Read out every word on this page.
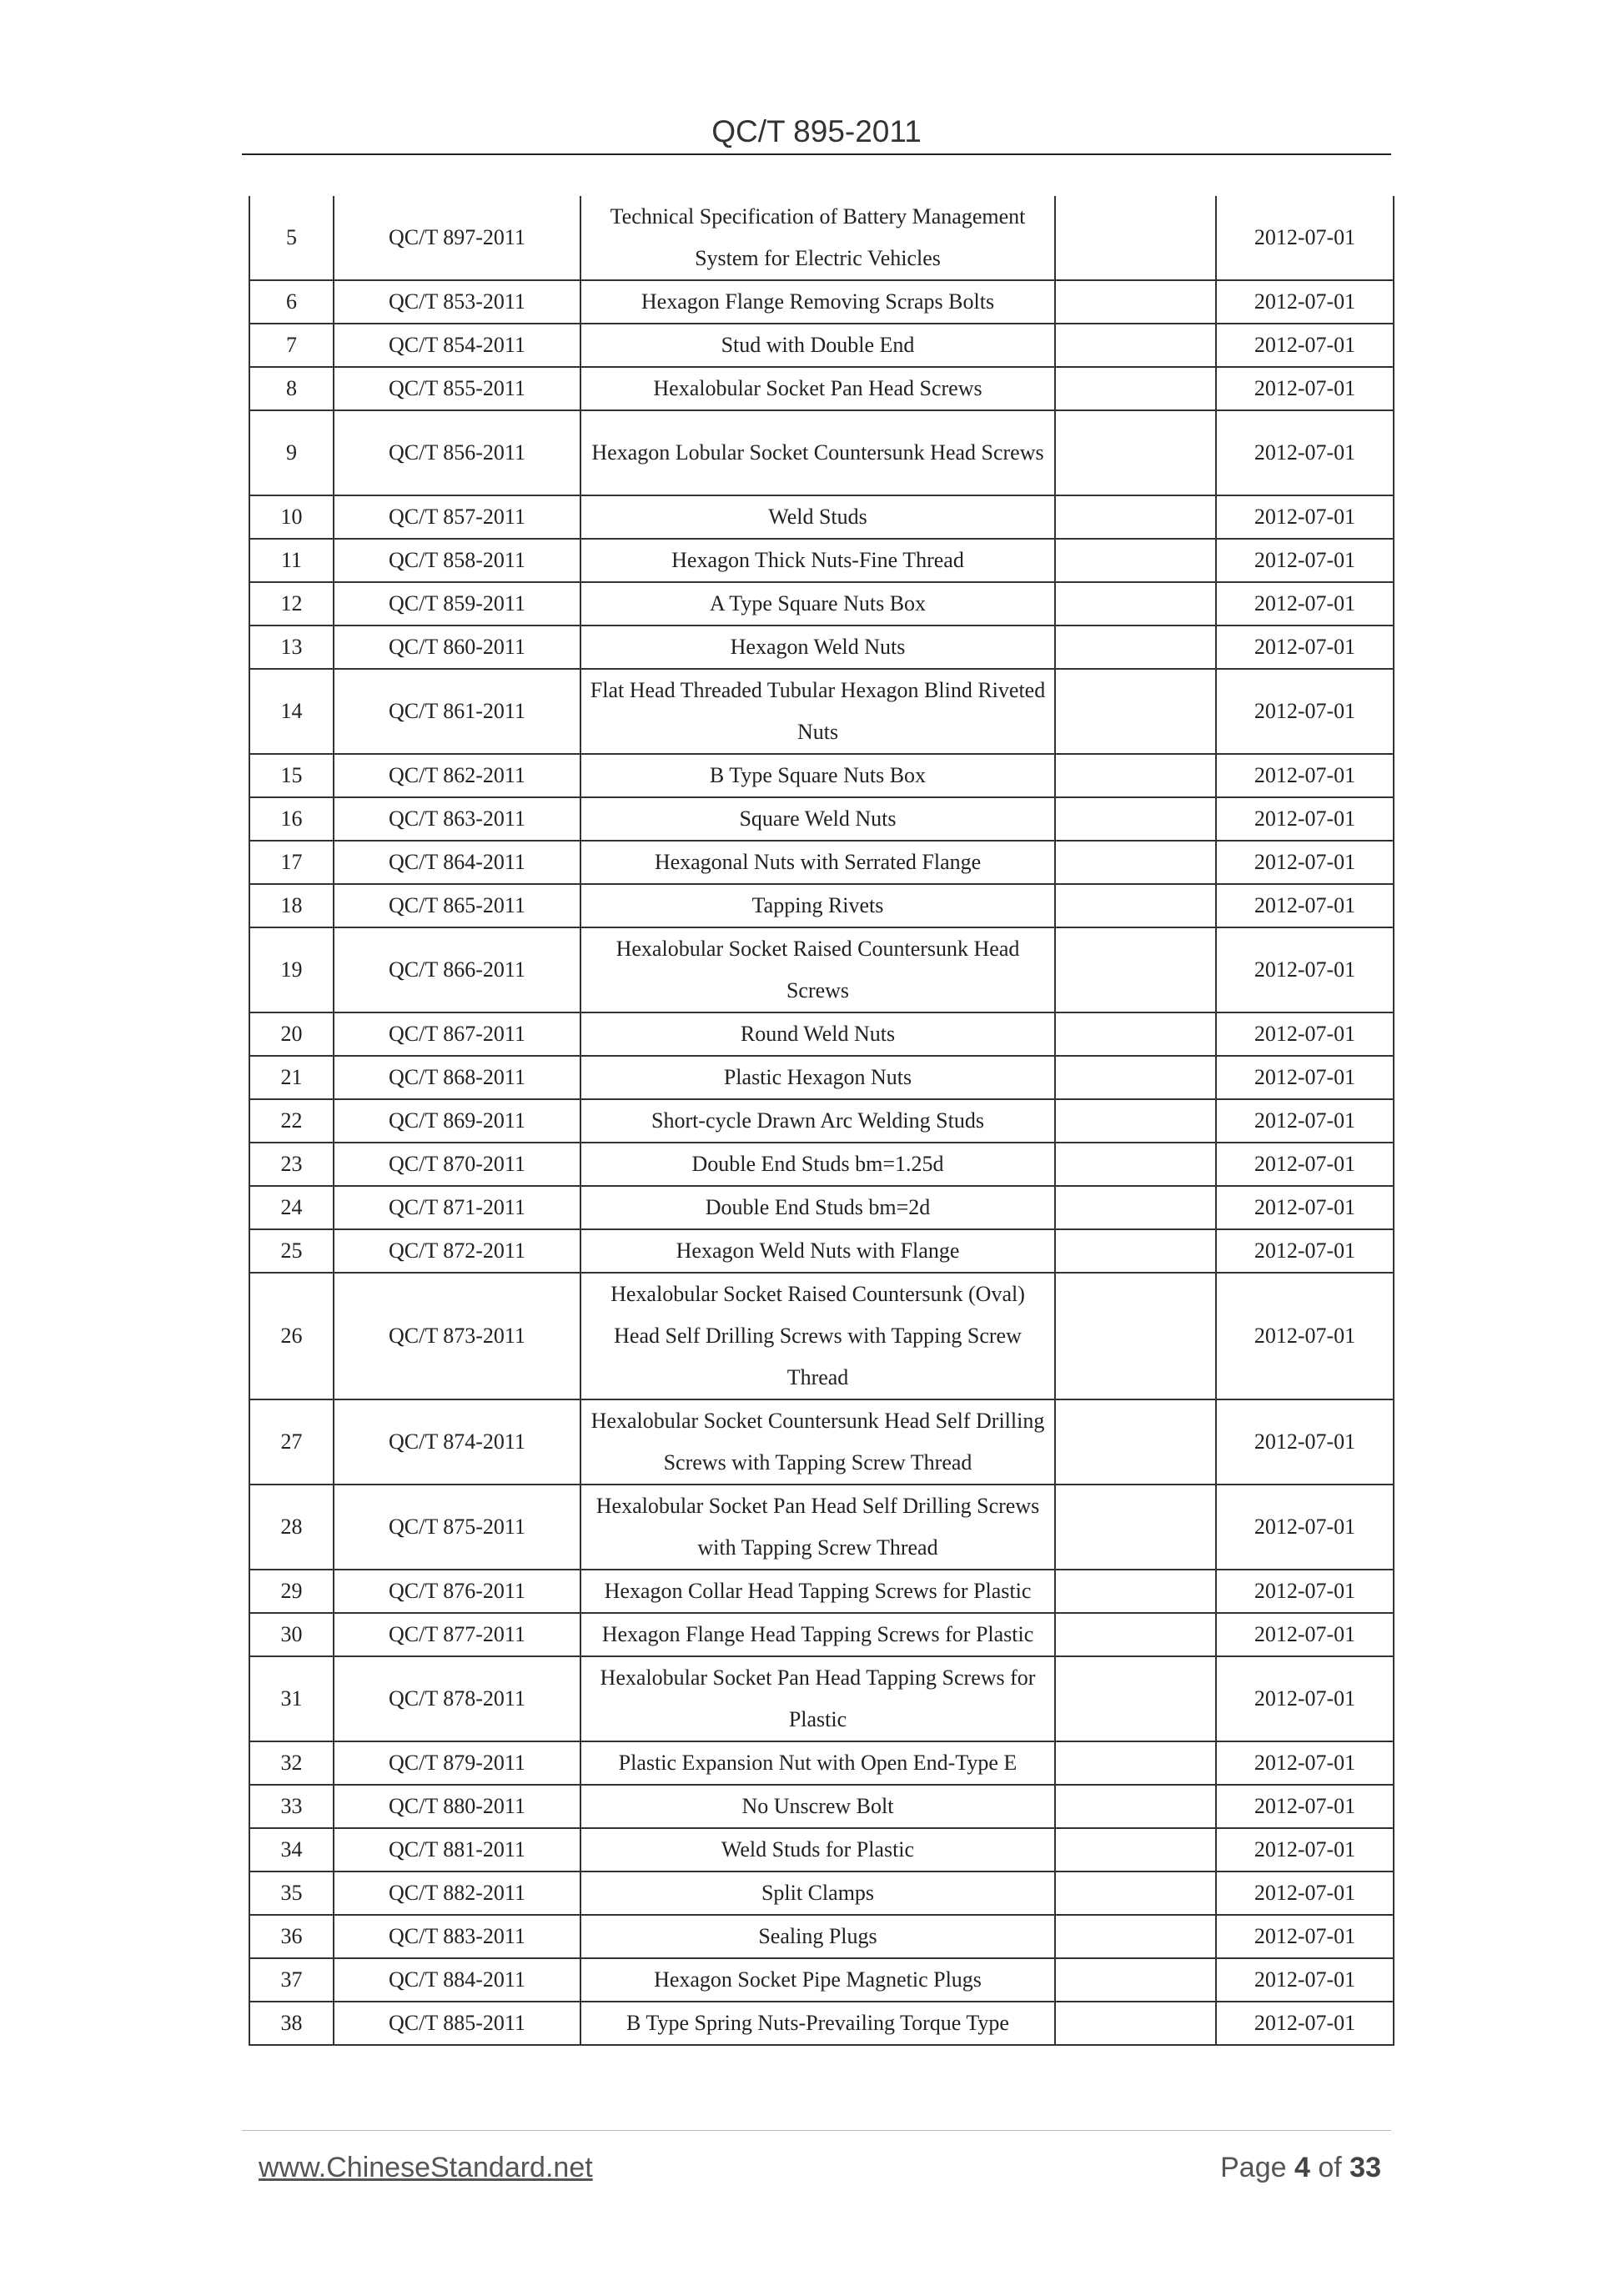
QC/T 895-2011
5	QC/T 897-2011	Technical Specification of Battery Management System for Electric Vehicles		2012-07-01
6	QC/T 853-2011	Hexagon Flange Removing Scraps Bolts		2012-07-01
7	QC/T 854-2011	Stud with Double End		2012-07-01
8	QC/T 855-2011	Hexalobular Socket Pan Head Screws		2012-07-01
9	QC/T 856-2011	Hexagon Lobular Socket Countersunk Head Screws		2012-07-01
10	QC/T 857-2011	Weld Studs		2012-07-01
11	QC/T 858-2011	Hexagon Thick Nuts-Fine Thread		2012-07-01
12	QC/T 859-2011	A Type Square Nuts Box		2012-07-01
13	QC/T 860-2011	Hexagon Weld Nuts		2012-07-01
14	QC/T 861-2011	Flat Head Threaded Tubular Hexagon Blind Riveted Nuts		2012-07-01
15	QC/T 862-2011	B Type Square Nuts Box		2012-07-01
16	QC/T 863-2011	Square Weld Nuts		2012-07-01
17	QC/T 864-2011	Hexagonal Nuts with Serrated Flange		2012-07-01
18	QC/T 865-2011	Tapping Rivets		2012-07-01
19	QC/T 866-2011	Hexalobular Socket Raised Countersunk Head Screws		2012-07-01
20	QC/T 867-2011	Round Weld Nuts		2012-07-01
21	QC/T 868-2011	Plastic Hexagon Nuts		2012-07-01
22	QC/T 869-2011	Short-cycle Drawn Arc Welding Studs		2012-07-01
23	QC/T 870-2011	Double End Studs bm=1.25d		2012-07-01
24	QC/T 871-2011	Double End Studs bm=2d		2012-07-01
25	QC/T 872-2011	Hexagon Weld Nuts with Flange		2012-07-01
26	QC/T 873-2011	Hexalobular Socket Raised Countersunk (Oval) Head Self Drilling Screws with Tapping Screw Thread		2012-07-01
27	QC/T 874-2011	Hexalobular Socket Countersunk Head Self Drilling Screws with Tapping Screw Thread		2012-07-01
28	QC/T 875-2011	Hexalobular Socket Pan Head Self Drilling Screws with Tapping Screw Thread		2012-07-01
29	QC/T 876-2011	Hexagon Collar Head Tapping Screws for Plastic		2012-07-01
30	QC/T 877-2011	Hexagon Flange Head Tapping Screws for Plastic		2012-07-01
31	QC/T 878-2011	Hexalobular Socket Pan Head Tapping Screws for Plastic		2012-07-01
32	QC/T 879-2011	Plastic Expansion Nut with Open End-Type E		2012-07-01
33	QC/T 880-2011	No Unscrew Bolt		2012-07-01
34	QC/T 881-2011	Weld Studs for Plastic		2012-07-01
35	QC/T 882-2011	Split Clamps		2012-07-01
36	QC/T 883-2011	Sealing Plugs		2012-07-01
37	QC/T 884-2011	Hexagon Socket Pipe Magnetic Plugs		2012-07-01
38	QC/T 885-2011	B Type Spring Nuts-Prevailing Torque Type		2012-07-01
www.ChineseStandard.net	Page 4 of 33
